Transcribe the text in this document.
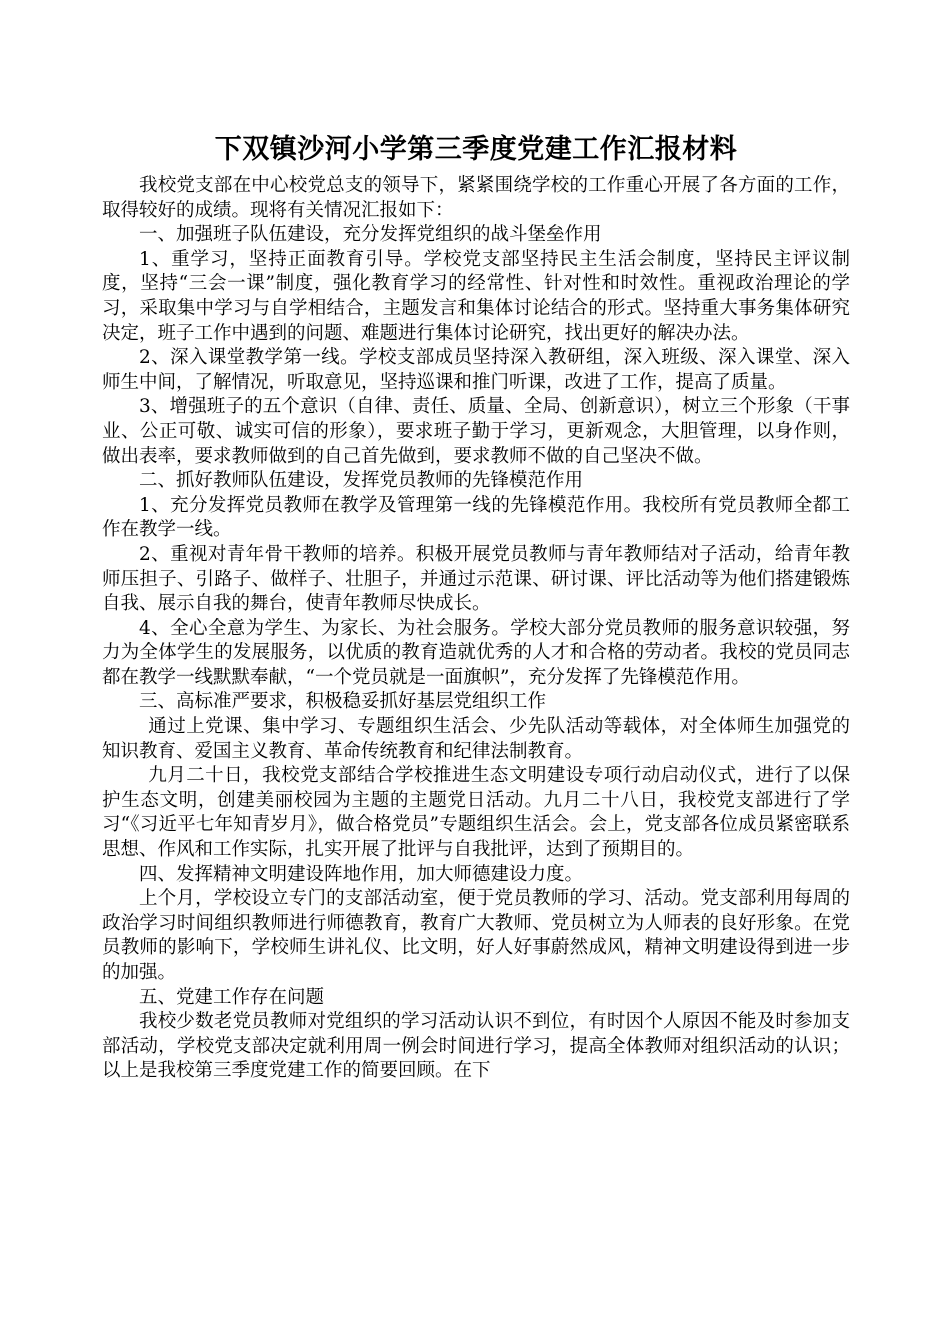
下双镇沙河小学第三季度党建工作汇报材料

我校党支部在中心校党总支的领导下，紧紧围绕学校的工作重心开展了各方面的工作，取得较好的成绩。现将有关情况汇报如下：

一、加强班子队伍建设，充分发挥党组织的战斗堡垒作用

1、重学习，坚持正面教育引导。学校党支部坚持民主生活会制度，坚持民主评议制度，坚持“三会一课”制度，强化教育学习的经常性、针对性和时效性。重视政治理论的学习，采取集中学习与自学相结合，主题发言和集体讨论结合的形式。坚持重大事务集体研究决定，班子工作中遇到的问题、难题进行集体讨论研究，找出更好的解决办法。

2、深入课堂教学第一线。学校支部成员坚持深入教研组，深入班级、深入课堂、深入师生中间，了解情况，听取意见，坚持巡课和推门听课，改进了工作，提高了质量。

3、增强班子的五个意识（自律、责任、质量、全局、创新意识），树立三个形象（干事业、公正可敬、诚实可信的形象），要求班子勤于学习，更新观念，大胆管理，以身作则，做出表率，要求教师做到的自己首先做到，要求教师不做的自己坚决不做。

二、抓好教师队伍建设，发挥党员教师的先锋模范作用

1、充分发挥党员教师在教学及管理第一线的先锋模范作用。我校所有党员教师全都工作在教学一线。

2、重视对青年骨干教师的培养。积极开展党员教师与青年教师结对子活动，给青年教师压担子、引路子、做样子、壮胆子，并通过示范课、研讨课、评比活动等为他们搭建锻炼自我、展示自我的舞台，使青年教师尽快成长。

4、全心全意为学生、为家长、为社会服务。学校大部分党员教师的服务意识较强，努力为全体学生的发展服务，以优质的教育造就优秀的人才和合格的劳动者。我校的党员同志都在教学一线默默奉献，“一个党员就是一面旗帜”，充分发挥了先锋模范作用。

三、高标准严要求，积极稳妥抓好基层党组织工作

通过上党课、集中学习、专题组织生活会、少先队活动等载体，对全体师生加强党的知识教育、爱国主义教育、革命传统教育和纪律法制教育。

九月二十日，我校党支部结合学校推进生态文明建设专项行动启动仪式，进行了以保护生态文明，创建美丽校园为主题的主题党日活动。九月二十八日，我校党支部进行了学习“《习近平七年知青岁月》，做合格党员”专题组织生活会。会上，党支部各位成员紧密联系思想、作风和工作实际，扎实开展了批评与自我批评，达到了预期目的。

四、发挥精神文明建设阵地作用，加大师德建设力度。

上个月，学校设立专门的支部活动室，便于党员教师的学习、活动。党支部利用每周的政治学习时间组织教师进行师德教育，教育广大教师、党员树立为人师表的良好形象。在党员教师的影响下，学校师生讲礼仪、比文明，好人好事蔚然成风，精神文明建设得到进一步的加强。

五、党建工作存在问题

我校少数老党员教师对党组织的学习活动认识不到位，有时因个人原因不能及时参加支部活动，学校党支部决定就利用周一例会时间进行学习，提高全体教师对组织活动的认识；以上是我校第三季度党建工作的简要回顾。在下
